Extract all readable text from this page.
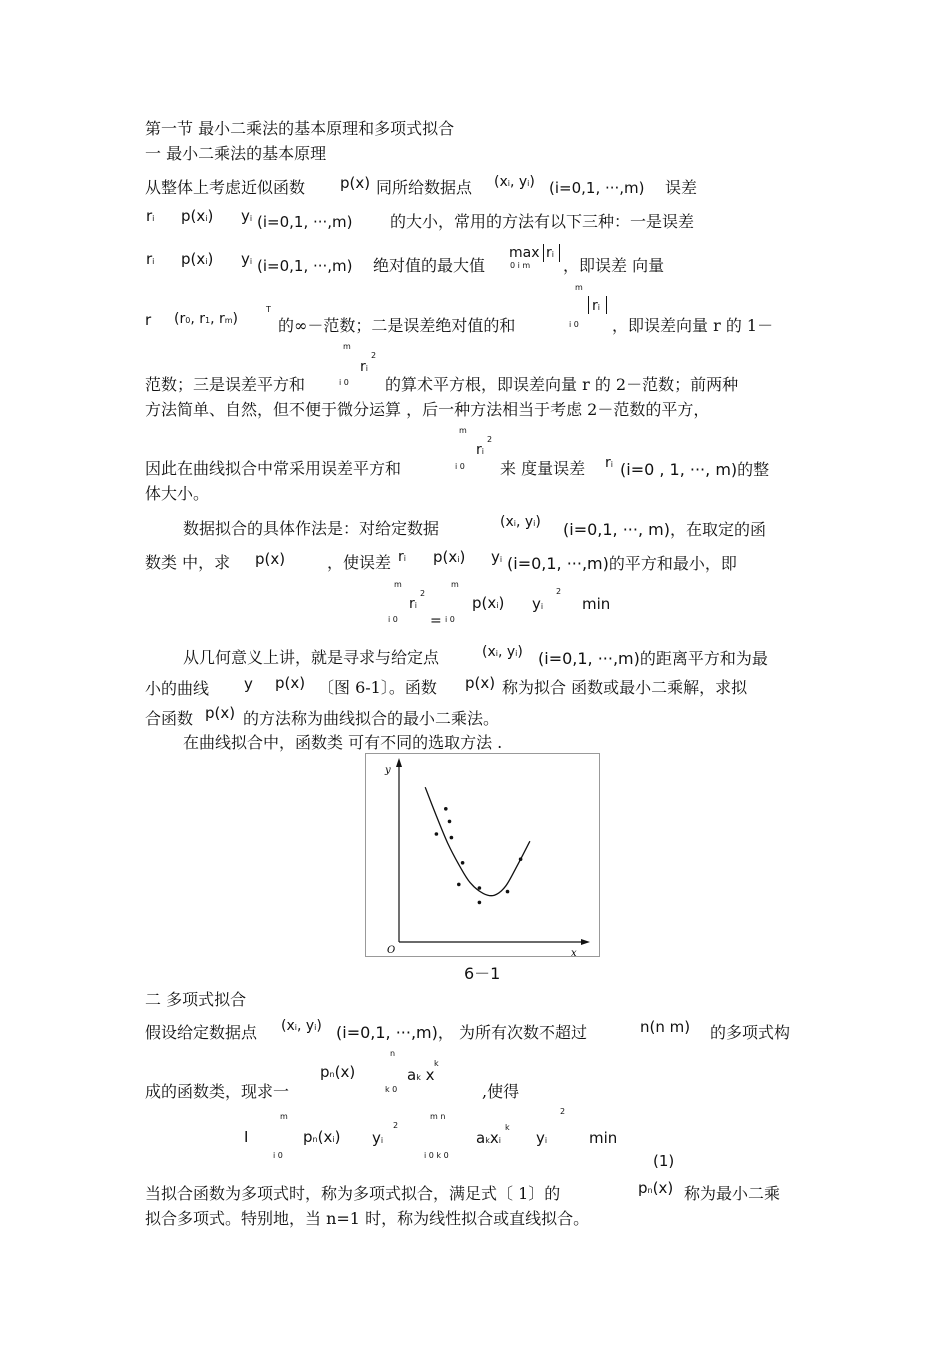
第一节 最小二乘法的基本原理和多项式拟合
一 最小二乘法的基本原理
从整体上考虑近似函数 p(x) 同所给数据点 (xi, yi) (i=0,1, ···,m) 误差
ri p(xi) yi (i=0,1, ···,m) 的大小，常用的方法有以下三种：一是误差
ri p(xi) yi (i=0,1, ···,m) 绝对值的最大值
max ri
0 i m ，即误差 向量
m
ri
r (r0, r1, rm)
T
的∞－范数；二是误差绝对值的和	i 0 ，即误差向量 r 的 1－
m
ri
2
i 0
范数；三是误差平方和	的算术平方根，即误差向量 r 的 2－范数；前两种
方法简单、自然，但不便于微分运算 ，后一种方法相当于考虑 2－范数的平方，
m
ri
2
i 0
因此在曲线拟合中常采用误差平方和	来 度量误差 ri (i=0 , 1, ···, m)的整
体大小。
数据拟合的具体作法是：对给定数据	(xi, yi) (i=0,1, ···, m)，在取定的函
数类 中，求 p(x)	，使误差 ri p(xi) yi (i=0,1, ···,m)的平方和最小，即
m	m
ri
2
p(xi) yi
2
min
i 0 = i 0
从几何意义上讲，就是寻求与给定点	(xi, yi) (i=0,1, ···,m)的距离平方和为最
小的曲线 y p(x) 〔图 6-1〕。函数 p(x) 称为拟合 函数或最小二乘解，求拟
合函数 p(x) 的方法称为曲线拟合的最小二乘法。
在曲线拟合中，函数类 可有不同的选取方法 .
y
x
O
6－1
二 多项式拟合
假设给定数据点 (xi, yi) (i=0,1, ···,m)， 为所有次数不超过	n(n m) 的多项式构
n
pn(x)	ak x
k
成的函数类，现求一	k 0	,使得
m
2
m n
I	pn(xi) yi
2
akxi
k
yi	min
i 0	i 0 k 0	(1)
当拟合函数为多项式时，称为多项式拟合，满足式〔 1〕的	pn(x) 称为最小二乘
拟合多项式。特别地，当 n=1 时，称为线性拟合或直线拟合。
